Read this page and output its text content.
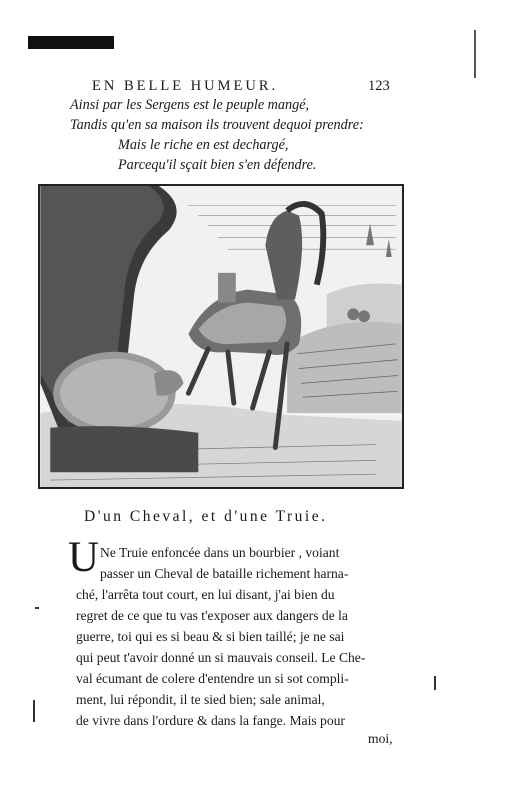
EN BELLE HUMEUR.	123
Ainsi par les Sergens est le peuple mangé,
Tandis qu'en sa maison ils trouvent dequoi prendre:
Mais le riche en est dechargé,
Parcequ'il sçait bien s'en défendre.
D'un Cheval, et d'une Truie.
U Ne Truie enfoncée dans un bourbier , voiant
passer un Cheval de bataille richement harna-
ché, l'arrêta tout court, en lui disant, j'ai bien du
regret de ce que tu vas t'exposer aux dangers de la
guerre, toi qui es si beau & si bien taillé; je ne sai
qui peut t'avoir donné un si mauvais conseil. Le Che-
val écumant de colere d'entendre un si sot compli-
ment, lui répondit, il te sied bien; sale animal,
de vivre dans l'ordure & dans la fange. Mais pour
moi,
